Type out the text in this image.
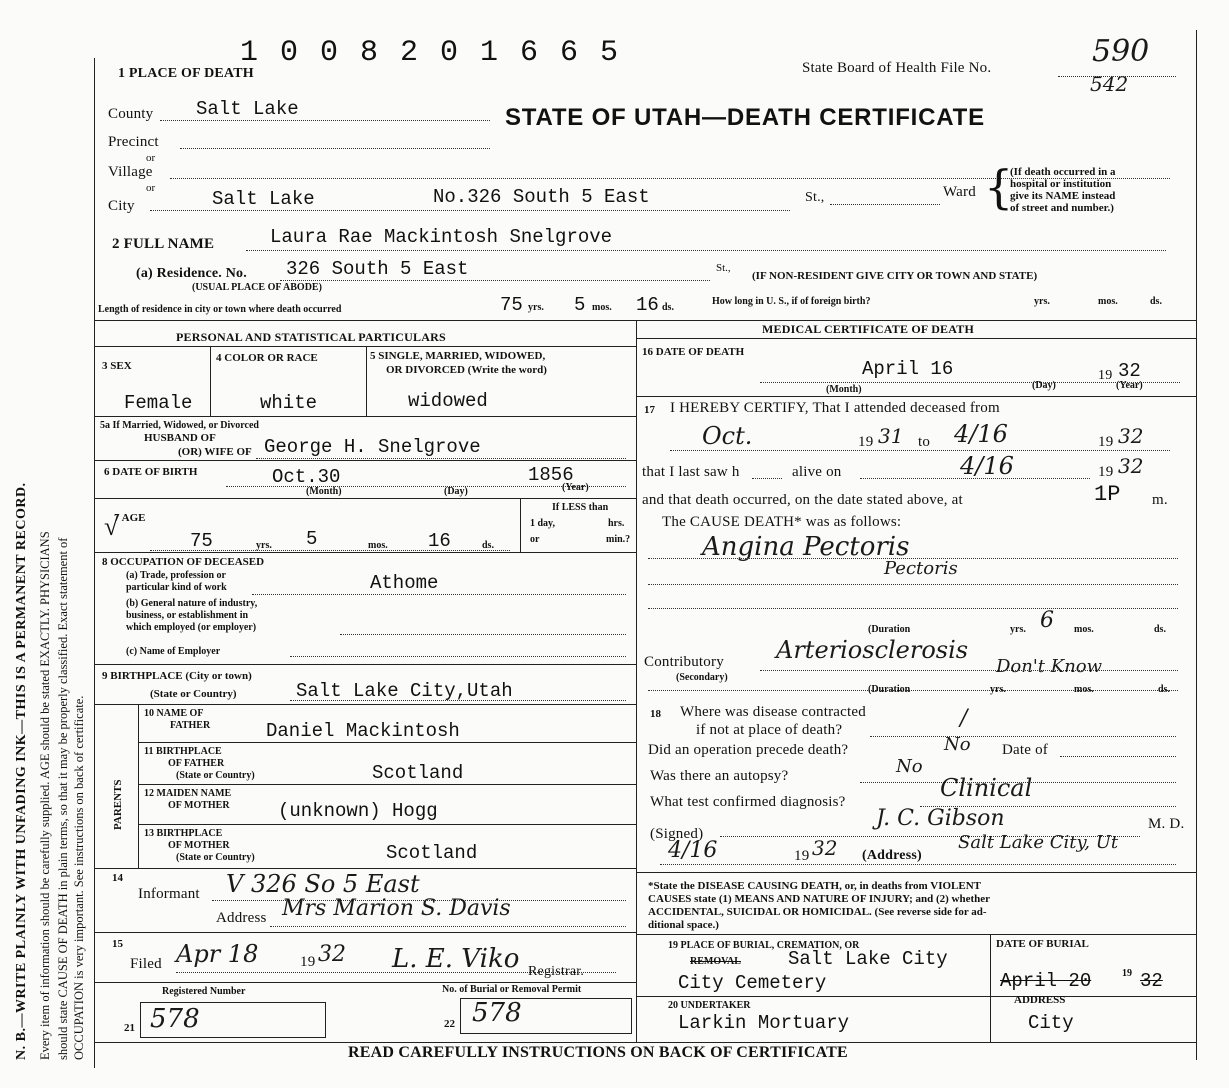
N. B.—WRITE PLAINLY WITH UNFADING INK—THIS IS A PERMANENT RECORD. Every item of information should be carefully supplied. AGE should be stated EXACTLY. PHYSICIANS should state CAUSE OF DEATH in plain terms, so that it may be properly classified. Exact statement of OCCUPATION is very important. See instructions on back of certificate.
1 0 0 8 2 0 1 6 6 5
1 PLACE OF DEATH	State Board of Health File No.	590
542
STATE OF UTAH—DEATH CERTIFICATE
County Salt Lake
Precinct
or
Village
or
City	Salt Lake	No.326 South 5 East	St.,	Ward {
(If death occurred in a
hospital or institution
give its NAME instead
of street and number.)
2 FULL NAME	Laura Rae Mackintosh Snelgrove
(a) Residence. No. 326 South 5 East	St.,
(IF NON-RESIDENT GIVE CITY OR TOWN AND STATE)
(USUAL PLACE OF ABODE)
Length of residence in city or town where death occurred	75 yrs. 5 mos. 16 ds.
How long in U. S., if of foreign birth?	yrs.	mos.	ds.
PERSONAL AND STATISTICAL PARTICULARS
MEDICAL CERTIFICATE OF DEATH
3 SEX
Female
4 COLOR OR RACE
white
5 SINGLE, MARRIED, WIDOWED,
OR DIVORCED (Write the word)
widowed
5a If Married, Widowed, or Divorced
HUSBAND OF
(OR) WIFE OF George H. Snelgrove
6 DATE OF BIRTH	Oct.30	1856
(Month)	(Day)	(Year)
√
7 AGE
75	yrs. 5	mos. 16	ds.
If LESS than
1 day,	hrs.
or	min.?
8 OCCUPATION OF DECEASED
(a) Trade, profession or
particular kind of work	Athome
(b) General nature of industry,
business, or establishment in
which employed (or employer)
(c) Name of Employer
9 BIRTHPLACE (City or town)
(State or Country)	Salt Lake City,Utah
PARENTS
10 NAME OF
FATHER	Daniel Mackintosh
11 BIRTHPLACE
OF FATHER
(State or Country)	Scotland
12 MAIDEN NAME
OF MOTHER	(unknown) Hogg
13 BIRTHPLACE
OF MOTHER
(State or Country)	Scotland
14
Informant V 326 So 5 East
Address Mrs Marion S. Davis
15
Filed Apr 18	19 32 L. E. Viko Registrar.
Registered Number	No. of Burial or Removal Permit
21 578	22 578
16 DATE OF DEATH
April 16	19 32
(Month)	(Day)	(Year)
17 I HEREBY CERTIFY, That I attended deceased from
Oct.	19 31 to 4/16	19 32
that I last saw h	alive on	4/16	19 32
and that death occurred, on the date stated above, at	1P m.
The CAUSE DEATH* was as follows:
Angina Pectoris
Pectoris
(Duration	yrs. 6 mos.	ds.
Contributory
(Secondary)
Arteriosclerosis
Don't Know
(Duration	yrs.	mos.	ds.
18 Where was disease contracted
if not at place of death?	/
Did an operation precede death?	No Date of
Was there an autopsy?	No
What test confirmed diagnosis?	Clinical
(Signed)
J. C. Gibson	M. D.
4/16	19 32 (Address)
Salt Lake City, Ut
*State the DISEASE CAUSING DEATH, or, in deaths from VIOLENT
CAUSES state (1) MEANS AND NATURE OF INJURY; and (2) whether
ACCIDENTAL, SUICIDAL OR HOMICIDAL. (See reverse side for ad-
ditional space.)
19 PLACE OF BURIAL, CREMATION, OR
REMOVAL Salt Lake City
City Cemetery
DATE OF BURIAL
April 20	19 32
20 UNDERTAKER
Larkin Mortuary
ADDRESS
City
READ CAREFULLY INSTRUCTIONS ON BACK OF CERTIFICATE
